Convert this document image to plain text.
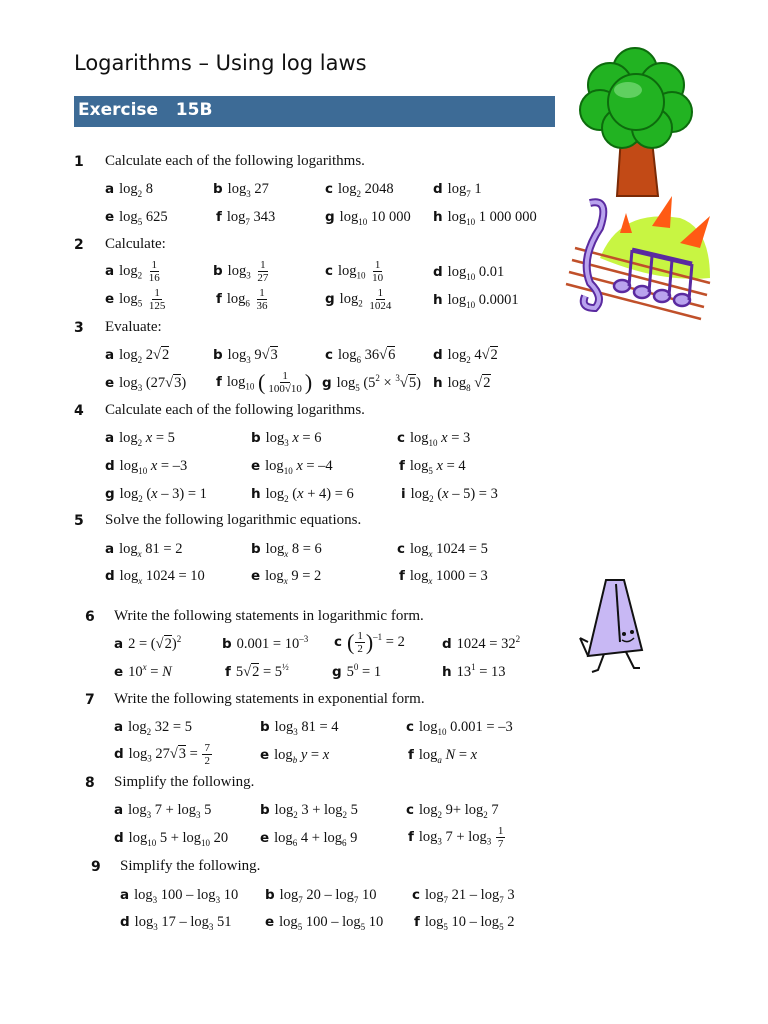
Logarithms – Using log laws
Exercise   15B
1 Calculate each of the following logarithms.
a $\log_2 8$	b $\log_3 27$	c $\log_2 2048$	d $\log_7 1$
e $\log_5 625$	f $\log_7 343$	g $\log_{10} 10$ 000 h $\log_{10} 1$ 000 000
2 Calculate:
a $\log_2 \frac{1}{16}$	b $\log_3 \frac{1}{27}$	c $\log_{10} \frac{1}{10}$	d $\log_{10} 0.01$
e $\log_5 \frac{1}{125}$	f $\log_6 \frac{1}{36}$	g $\log_2 \frac{1}{1024}$	h $\log_{10} 0.0001$
3 Evaluate:
a $\log_2 2√2$	b $\log_3 9√3$	c $\log_6 36√6$	d $\log_2 4√2$
e $\log_3 (27√3)$ f $\log_{10}$ ( $\frac{1}{100√10}$ ) g $\log_5 (5^2 \times ^3√5)$ h $\log_8 √2$
4 Calculate each of the following logarithms.
a $\log_2 x = 5$	b $\log_3 x = 6$	c $\log_{10} x = 3$
d $\log_{10} x = -3$	e $\log_{10} x = -4$	f $\log_5 x = 4$
g $\log_2 (x - 3) = 1$	h $\log_2 (x + 4) = 6$	i $\log_2 (x - 5) = 3$
5 Solve the following logarithmic equations.
a $\log_x 81 = 2$	b $\log_x 8 = 6$	c $\log_x 1024 = 5$
d $\log_x 1024 = 10$	e $\log_x 9 = 2$	f $\log_x 1000 = 3$
6 Write the following statements in logarithmic form.
a $2 = (√2)^2$	b $0.001 = 10^{-3}$ c ( $\frac{1}{2} )^{-1} = 2$	d $1024 = 32^2$
e $10^x = N$	f $5√2 = 5^{\frac{1}{2}}$	g $5^0 = 1$	h $13^1 = 13$
7 Write the following statements in exponential form.
a $\log_2 32 = 5$	b $\log_3 81 = 4$	c $\log_{10} 0.001 = -3$
d $\log_3 27√3 = \frac{7}{2}$	e $\log_b y = x$	f $\log_a N = x$
8 Simplify the following.
a $\log_3 7 + \log_3 5$	b $\log_2 3 + \log_2 5$	c $\log_2 9+ \log_2 7$
d $\log_{10} 5 + \log_{10} 20$ e $\log_6 4 + \log_6 9$	f $\log_3 7 + \log_3 \frac{1}{7}$
9 Simplify the following.
a $\log_3 100 - \log_3 10$ b $\log_7 20 - \log_7 10$	c $\log_7 21 - \log_7 3$
d $\log_3 17 - \log_3 51$ e $\log_5 100 - \log_5 10$ f $\log_5 10 - \log_5 2$
